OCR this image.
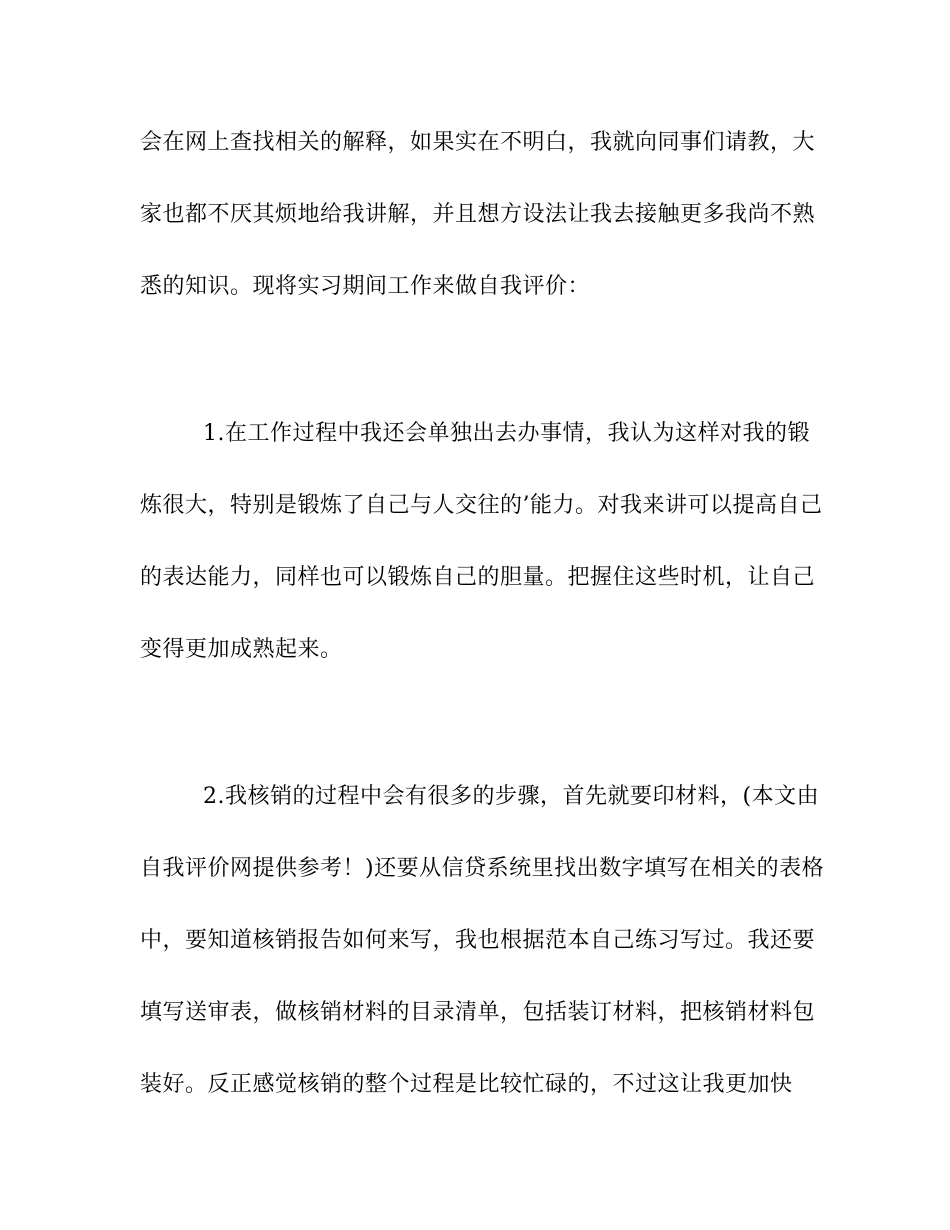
会在网上查找相关的解释，如果实在不明白，我就向同事们请教，大
家也都不厌其烦地给我讲解，并且想方设法让我去接触更多我尚不熟
悉的知识。现将实习期间工作来做自我评价：
1.在工作过程中我还会单独出去办事情，我认为这样对我的锻
炼很大，特别是锻炼了自己与人交往的’能力。对我来讲可以提高自己
的表达能力，同样也可以锻炼自己的胆量。把握住这些时机，让自己
变得更加成熟起来。
2.我核销的过程中会有很多的步骤，首先就要印材料，(本文由
自我评价网提供参考！)还要从信贷系统里找出数字填写在相关的表格
中，要知道核销报告如何来写，我也根据范本自己练习写过。我还要
填写送审表，做核销材料的目录清单，包括装订材料，把核销材料包
装好。反正感觉核销的整个过程是比较忙碌的，不过这让我更加快
